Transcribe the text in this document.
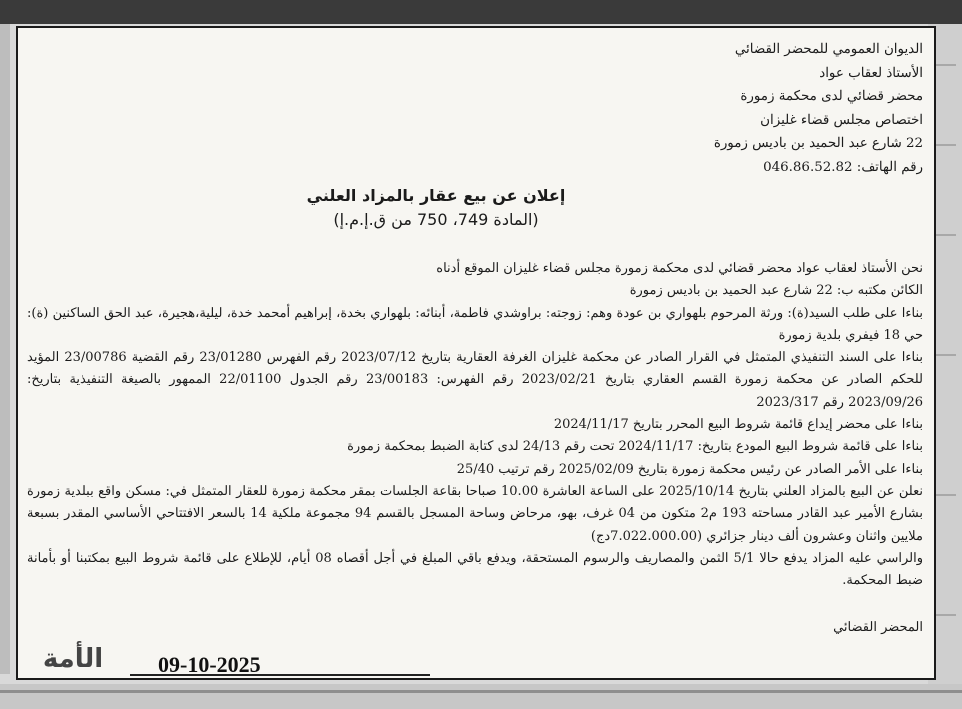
الديوان العمومي للمحضر القضائي
الأستاذ لعقاب عواد
محضر قضائي لدى محكمة زمورة
اختصاص مجلس قضاء غليزان
22 شارع عبد الحميد بن باديس زمورة
رقم الهاتف: 046.86.52.82
إعلان عن بيع عقار بالمزاد العلني
(المادة 749، 750 من ق.إ.م.إ)

نحن الأستاذ لعقاب عواد محضر قضائي لدى محكمة زمورة مجلس قضاء غليزان الموقع أدناه

الكائن مكتبه ب: 22 شارع عبد الحميد بن باديس زمورة

بناءا على طلب السيد(ة): ورثة المرحوم بلهواري بن عودة وهم: زوجته: براوشدي فاطمة، أبنائه: بلهواري بخدة، إبراهيم أمحمد خدة، ليلية،هجيرة، عبد الحق الساكنين (ة): حي 18 فيفري بلدية زمورة

بناءا على السند التنفيذي المتمثل في القرار الصادر عن محكمة غليزان الغرفة العقارية بتاريخ 2023/07/12 رقم الفهرس 23/01280 رقم القضية 23/00786 المؤيد للحكم الصادر عن محكمة زمورة القسم العقاري بتاريخ 2023/02/21 رقم الفهرس: 23/00183 رقم الجدول 22/01100 الممهور بالصيغة التنفيذية بتاريخ: 2023/09/26 رقم 2023/317

بناءا على محضر إيداع قائمة شروط البيع المحرر بتاريخ 2024/11/17

بناءا على قائمة شروط البيع المودع بتاريخ: 2024/11/17 تحت رقم 24/13 لدى كتابة الضبط بمحكمة زمورة

بناءا على الأمر الصادر عن رئيس محكمة زمورة بتاريخ 2025/02/09 رقم ترتيب 25/40

نعلن عن البيع بالمزاد العلني بتاريخ 2025/10/14 على الساعة العاشرة 10.00 صباحا بقاعة الجلسات بمقر محكمة زمورة للعقار المتمثل في: مسكن واقع ببلدية زمورة بشارع الأمير عبد القادر مساحته 193 م2 متكون من 04 غرف، بهو، مرحاض وساحة المسجل بالقسم 94 مجموعة ملكية 14 بالسعر الافتتاحي الأساسي المقدر بسبعة ملايين واثنان وعشرون ألف دينار جزائري (7.022.000.00دج)

والراسي عليه المزاد يدفع حالا 5/1 الثمن والمصاريف والرسوم المستحقة، ويدفع باقي المبلغ في أجل أقصاه 08 أيام، للإطلاع على قائمة شروط البيع بمكتبنا أو بأمانة ضبط المحكمة.

المحضر القضائي
09-10-2025
الأمة
